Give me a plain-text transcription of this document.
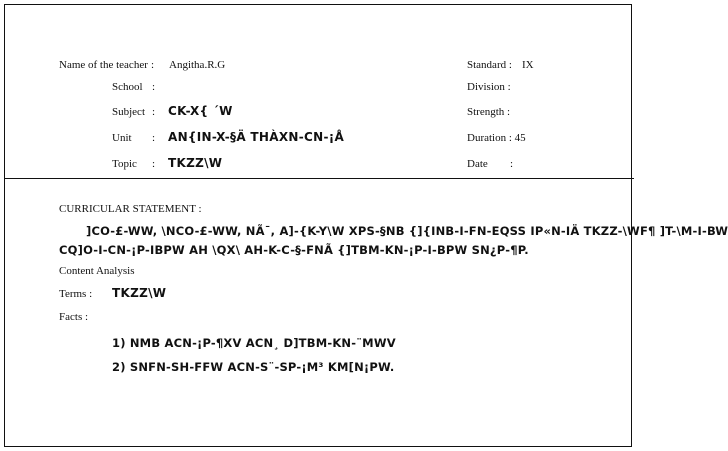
Name of the teacher : Angitha.R.G
School :
Subject : CK-X{ ´W
Unit : AN{IN-X-§Ä THÀXN-CN-¡Å
Topic : TKZZ\W
Standard : IX
Division :
Strength :
Duration : 45
Date :
CURRICULAR STATEMENT :
]CO-£-WW, \NCO-£-WW, NÃ¯, A]-{K-Y\W XPS-§NB {]{INB-I-FN-EQSS IP«N-IÄ TKZZ-\WF¶ ]T-\M-I-BW
CQ]O-I-CN-¡P-IBPW AH \QX\ AH-K-C-§-FNÃ {]TBM-KN-¡P-I-BPW SN¿P-¶P.
Content Analysis
Terms : TKZZ\W
Facts :
1) NMB ACN-¡P-¶XV ACN¸ D]TBM-KN-¨MWV
2) SNFN-SH-FFW ACN-S¨-SP-¡M³ KM[N¡PW.
